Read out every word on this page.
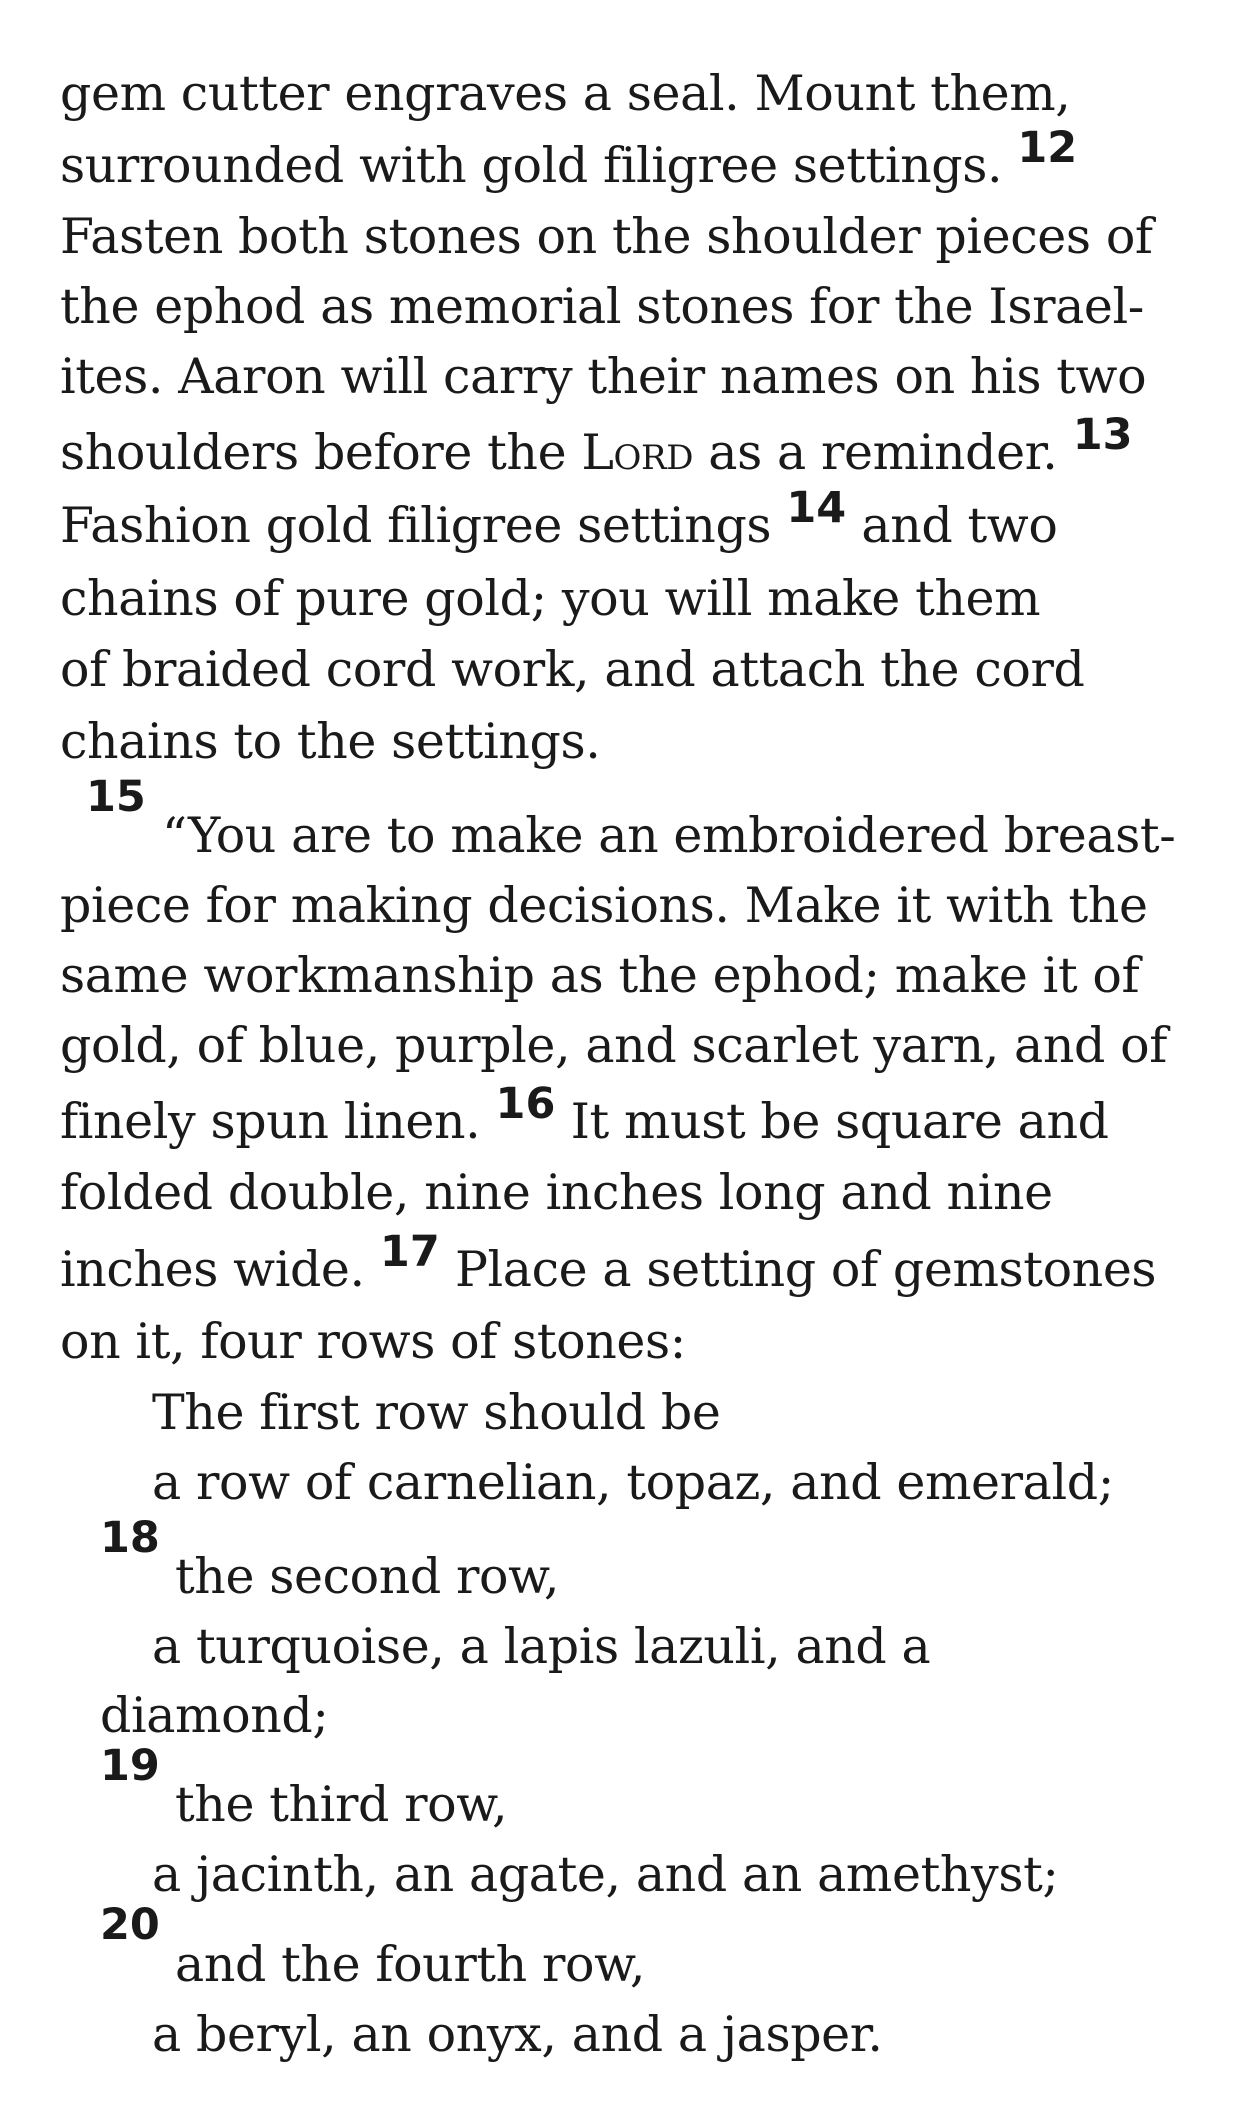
gem cutter engraves a seal. Mount them,
surrounded with gold filigree settings. 12
Fasten both stones on the shoulder pieces of
the ephod as memorial stones for the Israel-
ites. Aaron will carry their names on his two
shoulders before the Lord as a reminder. 13
Fashion gold filigree settings 14 and two
chains of pure gold; you will make them
of braided cord work, and attach the cord
chains to the settings.
15
“You are to make an embroidered breast-
piece for making decisions. Make it with the
same workmanship as the ephod; make it of
gold, of blue, purple, and scarlet yarn, and of
finely spun linen. 16 It must be square and
folded double, nine inches long and nine
inches wide. 17 Place a setting of gemstones
on it, four rows of stones:
The first row should be
a row of carnelian, topaz, and emerald;
18
the second row,
a turquoise, a lapis lazuli, and a
diamond;
19
the third row,
a jacinth, an agate, and an amethyst;
20
and the fourth row,
a beryl, an onyx, and a jasper.
